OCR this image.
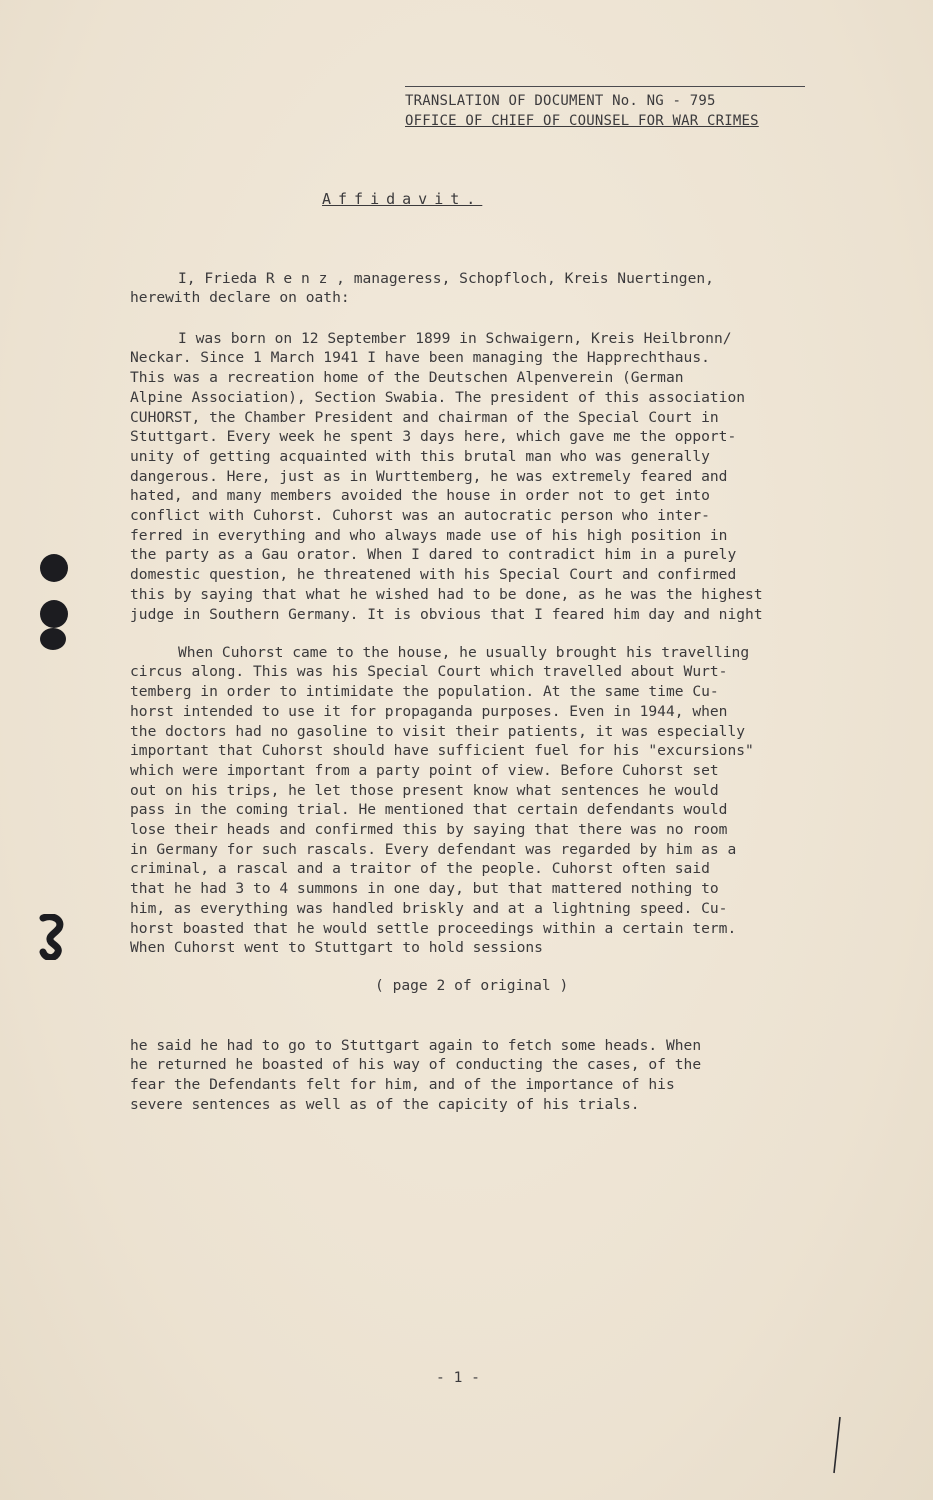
TRANSLATION OF DOCUMENT No. NG - 795
OFFICE OF CHIEF OF COUNSEL FOR WAR CRIMES
Affidavit.

I, Frieda R e n z , manageress, Schopfloch, Kreis Nuertingen,
herewith declare on oath:

I was born on 12 September 1899 in Schwaigern, Kreis Heilbronn/
Neckar. Since 1 March 1941 I have been managing the Happrechthaus.
This was a recreation home of the Deutschen Alpenverein (German
Alpine Association), Section Swabia. The president of this association
CUHORST, the Chamber President and chairman of the Special Court in
Stuttgart. Every week he spent 3 days here, which gave me the opport-
unity of getting acquainted with this brutal man who was generally
dangerous. Here, just as in Wurttemberg, he was extremely feared and
hated, and many members avoided the house in order not to get into
conflict with Cuhorst. Cuhorst was an autocratic person who inter-
ferred in everything and who always made use of his high position in
the party as a Gau orator. When I dared to contradict him in a purely
domestic question, he threatened with his Special Court and confirmed
this by saying that what he wished had to be done, as he was the highest
judge in Southern Germany. It is obvious that I feared him day and night

When Cuhorst came to the house, he usually brought his travelling
circus along. This was his Special Court which travelled about Wurt-
temberg in order to intimidate the population. At the same time Cu-
horst intended to use it for propaganda purposes. Even in 1944, when
the doctors had no gasoline to visit their patients, it was especially
important that Cuhorst should have sufficient fuel for his "excursions"
which were important from a party point of view. Before Cuhorst set
out on his trips, he let those present know what sentences he would
pass in the coming trial. He mentioned that certain defendants would
lose their heads and confirmed this by saying that there was no room
in Germany for such rascals. Every defendant was regarded by him as a
criminal, a rascal and a traitor of the people. Cuhorst often said
that he had 3 to 4 summons in one day, but that mattered nothing to
him, as everything was handled briskly and at a lightning speed. Cu-
horst boasted that he would settle proceedings within a certain term.
When Cuhorst went to Stuttgart to hold sessions

( page 2 of original )

he said he had to go to Stuttgart again to fetch some heads. When
he returned he boasted of his way of conducting the cases, of the
fear the Defendants felt for him, and of the importance of his
severe sentences as well as of the capicity of his trials.

- 1 -
